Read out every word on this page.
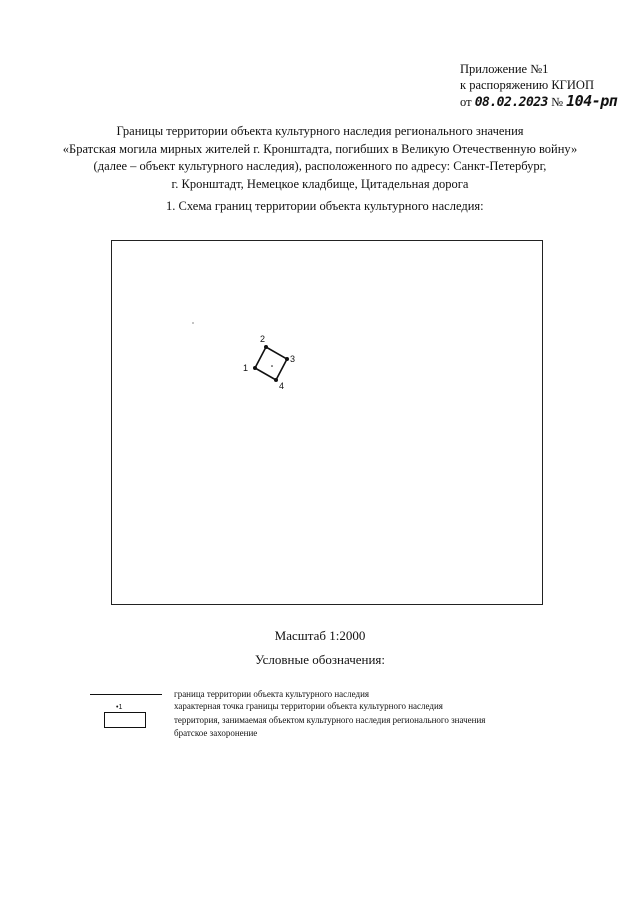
Приложение №1
к распоряжению КГИОП
от 08.02.2023 № 104-рп
Границы территории объекта культурного наследия регионального значения
«Братская могила мирных жителей г. Кронштадта, погибших в Великую Отечественную войну»
(далее – объект культурного наследия), расположенного по адресу: Санкт-Петербург,
г. Кронштадт, Немецкое кладбище, Цитадельная дорога
1. Схема границ территории объекта культурного наследия:
1
2
3
4
Масштаб 1:2000
Условные обозначения:
граница территории объекта культурного наследия
•1	характерная точка границы территории объекта культурного наследия
территория, занимаемая объектом культурного наследия регионального значения
братское захоронение
